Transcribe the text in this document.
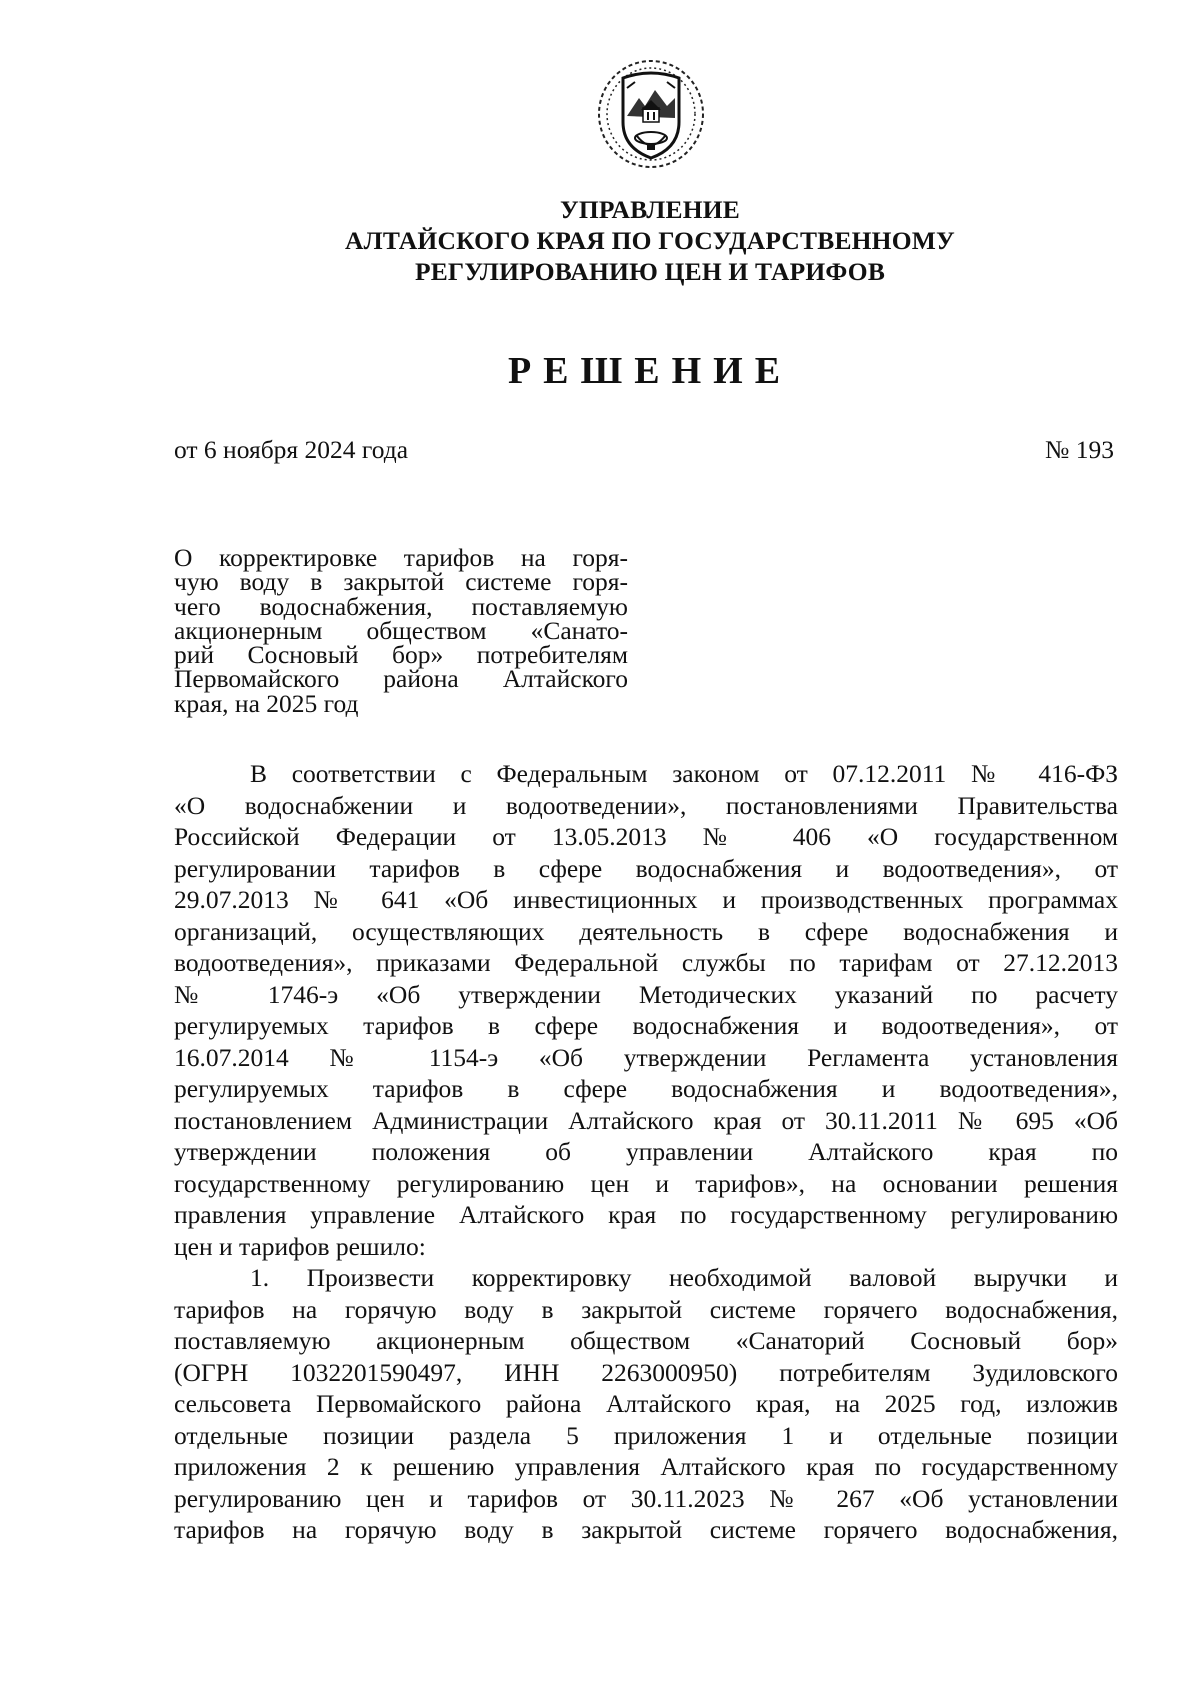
УПРАВЛЕНИЕ
АЛТАЙСКОГО КРАЯ ПО ГОСУДАРСТВЕННОМУ
РЕГУЛИРОВАНИЮ ЦЕН И ТАРИФОВ
РЕШЕНИЕ
от 6 ноября 2024 года	№ 193
О корректировке тарифов на горя-
чую воду в закрытой системе горя-
чего водоснабжения, поставляемую
акционерным обществом «Санато-
рий Сосновый бор» потребителям
Первомайского района Алтайского
края, на 2025 год
В соответствии с Федеральным законом от 07.12.2011 № 416-ФЗ
«О водоснабжении и водоотведении», постановлениями Правительства
Российской Федерации от 13.05.2013 № 406 «О государственном
регулировании тарифов в сфере водоснабжения и водоотведения», от
29.07.2013 № 641 «Об инвестиционных и производственных программах
организаций, осуществляющих деятельность в сфере водоснабжения и
водоотведения», приказами Федеральной службы по тарифам от 27.12.2013
№ 1746-э «Об утверждении Методических указаний по расчету
регулируемых тарифов в сфере водоснабжения и водоотведения», от
16.07.2014 № 1154-э «Об утверждении Регламента установления
регулируемых тарифов в сфере водоснабжения и водоотведения»,
постановлением Администрации Алтайского края от 30.11.2011 № 695 «Об
утверждении положения об управлении Алтайского края по
государственному регулированию цен и тарифов», на основании решения
правления управление Алтайского края по государственному регулированию
цен и тарифов решило:
1. Произвести корректировку необходимой валовой выручки и
тарифов на горячую воду в закрытой системе горячего водоснабжения,
поставляемую акционерным обществом «Санаторий Сосновый бор»
(ОГРН 1032201590497, ИНН 2263000950) потребителям Зудиловского
сельсовета Первомайского района Алтайского края, на 2025 год, изложив
отдельные позиции раздела 5 приложения 1 и отдельные позиции
приложения 2 к решению управления Алтайского края по государственному
регулированию цен и тарифов от 30.11.2023 № 267 «Об установлении
тарифов на горячую воду в закрытой системе горячего водоснабжения,
